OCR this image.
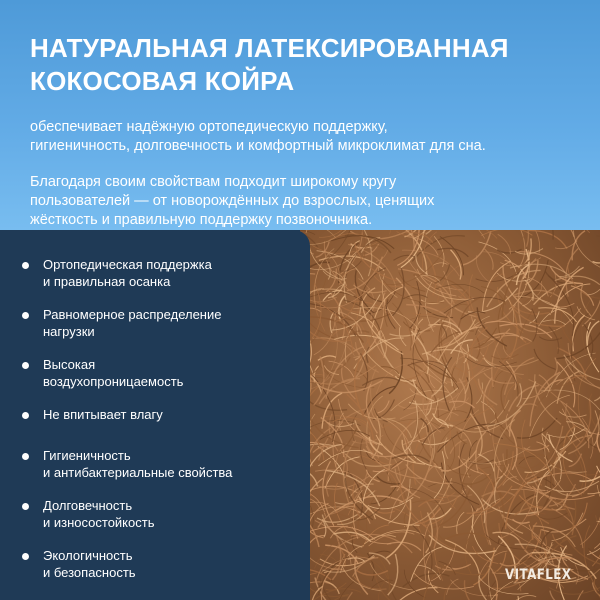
НАТУРАЛЬНАЯ ЛАТЕКСИРОВАННАЯ
КОКОСОВАЯ КОЙРА

обеспечивает надёжную ортопедическую поддержку,
гигиеничность, долговечность и комфортный микроклимат для сна.

Благодаря своим свойствам подходит широкому кругу
пользователей — от новорождённых до взрослых, ценящих
жёсткость и правильную поддержку позвоночника.

Ортопедическая поддержка
и правильная осанка
Равномерное распределение
нагрузки
Высокая
воздухопроницаемость
Не впитывает влагу
Гигиеничность
и антибактериальные свойства
Долговечность
и износостойкость
Экологичность
и безопасность	VITAFLEX
